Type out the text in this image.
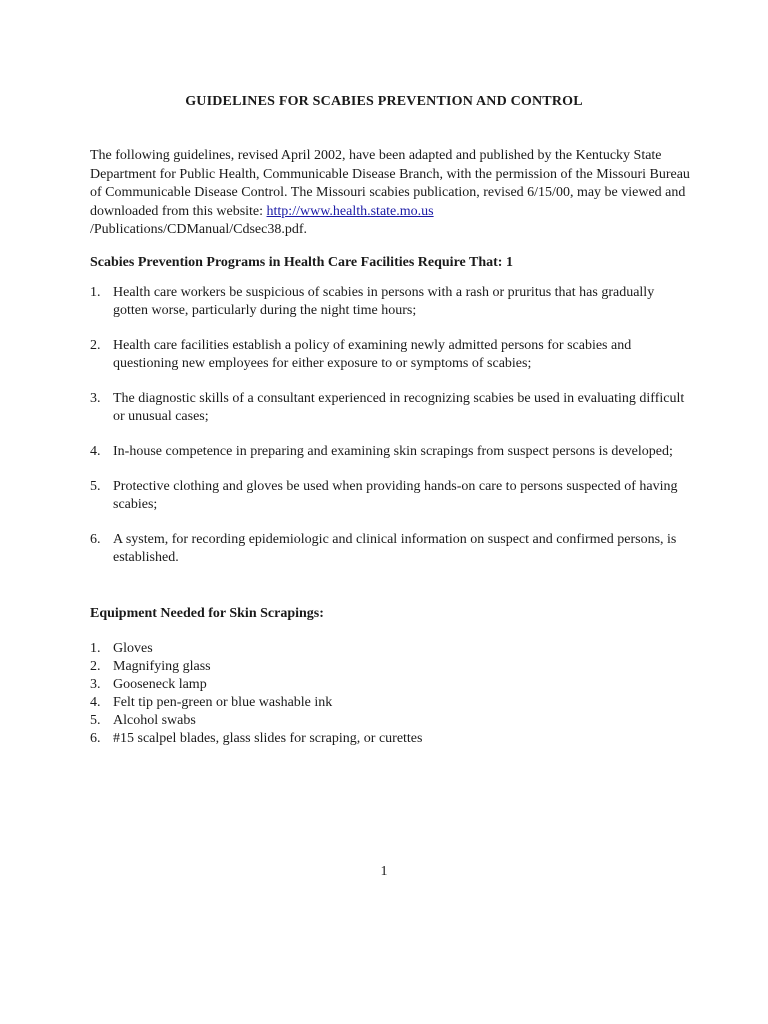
GUIDELINES FOR SCABIES PREVENTION AND CONTROL
The following guidelines, revised April 2002, have been adapted and published by the Kentucky State Department for Public Health, Communicable Disease Branch, with the permission of the Missouri Bureau of Communicable Disease Control. The Missouri scabies publication, revised 6/15/00, may be viewed and downloaded from this website: http://www.health.state.mo.us
/Publications/CDManual/Cdsec38.pdf.
Scabies Prevention Programs in Health Care Facilities Require That: 1
1. Health care workers be suspicious of scabies in persons with a rash or pruritus that has gradually gotten worse, particularly during the night time hours;
2. Health care facilities establish a policy of examining newly admitted persons for scabies and questioning new employees for either exposure to or symptoms of scabies;
3. The diagnostic skills of a consultant experienced in recognizing scabies be used in evaluating difficult or unusual cases;
4. In-house competence in preparing and examining skin scrapings from suspect persons is developed;
5. Protective clothing and gloves be used when providing hands-on care to persons suspected of having scabies;
6. A system, for recording epidemiologic and clinical information on suspect and confirmed persons, is established.
Equipment Needed for Skin Scrapings:
1. Gloves
2. Magnifying glass
3. Gooseneck lamp
4. Felt tip pen-green or blue washable ink
5. Alcohol swabs
6. #15 scalpel blades, glass slides for scraping, or curettes
1
